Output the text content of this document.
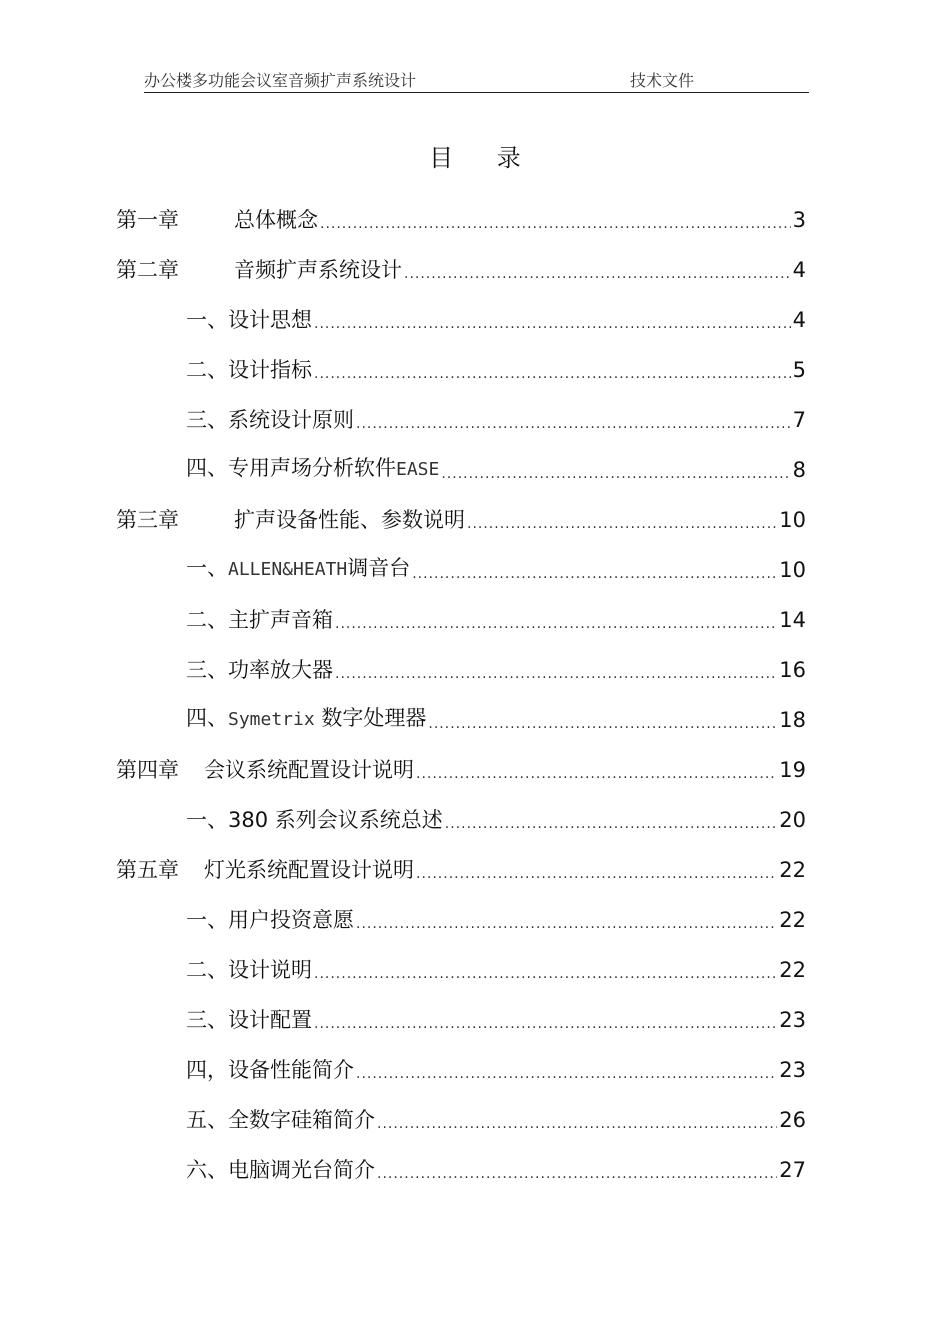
办公楼多功能会议室音频扩声系统设计	技术文件
目 录
第一章	总体概念 .....	3
第二章	音频扩声系统设计 .....	4
一、设计思想 .....	4
二、设计指标 .....	5
三、系统设计原则 .....	7
四、专用声场分析软件EASE .....	8
第三章	扩声设备性能、参数说明 .....	10
一、ALLEN&HEATH调音台 .....	10
二、主扩声音箱 .....	14
三、功率放大器 .....	16
四、Symetrix 数字处理器 .....	18
第四章 会议系统配置设计说明 .....	19
一、380 系列会议系统总述 .....	20
第五章 灯光系统配置设计说明 .....	22
一、用户投资意愿 .....	22
二、设计说明 .....	22
三、设计配置 .....	23
四，设备性能简介 .....	23
五、全数字硅箱简介 .....	26
六、电脑调光台简介 .....	27
